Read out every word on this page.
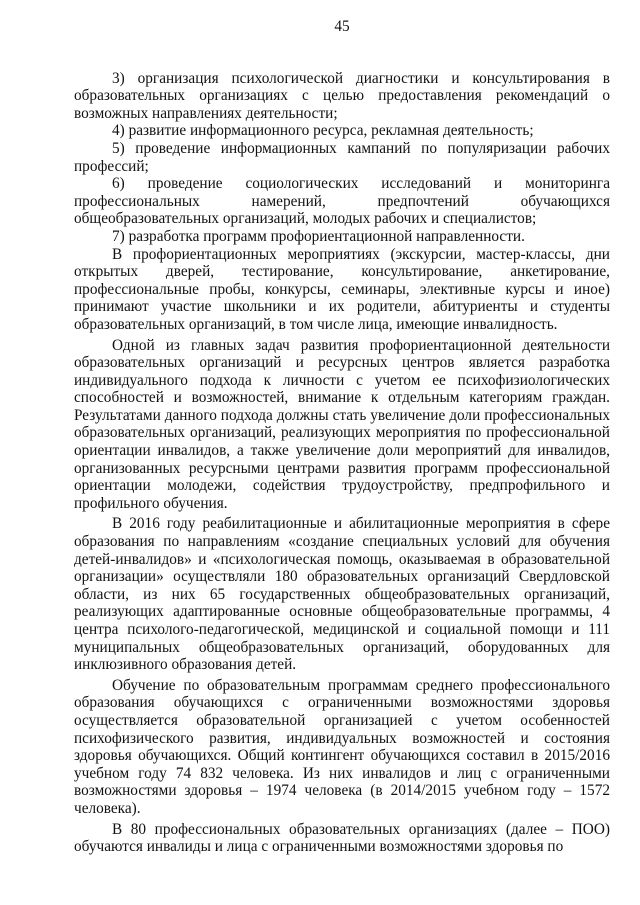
45

3) организация психологической диагностики и консультирования в образовательных организациях с целью предоставления рекомендаций о возможных направлениях деятельности;

4) развитие информационного ресурса, рекламная деятельность;

5) проведение информационных кампаний по популяризации рабочих профессий;

6) проведение социологических исследований и мониторинга профессиональных намерений, предпочтений обучающихся общеобразовательных организаций, молодых рабочих и специалистов;

7) разработка программ профориентационной направленности.

В профориентационных мероприятиях (экскурсии, мастер-классы, дни открытых дверей, тестирование, консультирование, анкетирование, профессиональные пробы, конкурсы, семинары, элективные курсы и иное) принимают участие школьники и их родители, абитуриенты и студенты образовательных организаций, в том числе лица, имеющие инвалидность.

Одной из главных задач развития профориентационной деятельности образовательных организаций и ресурсных центров является разработка индивидуального подхода к личности с учетом ее психофизиологических способностей и возможностей, внимание к отдельным категориям граждан. Результатами данного подхода должны стать увеличение доли профессиональных образовательных организаций, реализующих мероприятия по профессиональной ориентации инвалидов, а также увеличение доли мероприятий для инвалидов, организованных ресурсными центрами развития программ профессиональной ориентации молодежи, содействия трудоустройству, предпрофильного и профильного обучения.

В 2016 году реабилитационные и абилитационные мероприятия в сфере образования по направлениям «создание специальных условий для обучения детей-инвалидов» и «психологическая помощь, оказываемая в образовательной организации» осуществляли 180 образовательных организаций Свердловской области, из них 65 государственных общеобразовательных организаций, реализующих адаптированные основные общеобразовательные программы, 4 центра психолого-педагогической, медицинской и социальной помощи и 111 муниципальных общеобразовательных организаций, оборудованных для инклюзивного образования детей.

Обучение по образовательным программам среднего профессионального образования обучающихся с ограниченными возможностями здоровья осуществляется образовательной организацией с учетом особенностей психофизического развития, индивидуальных возможностей и состояния здоровья обучающихся. Общий контингент обучающихся составил в 2015/2016 учебном году 74 832 человека. Из них инвалидов и лиц с ограниченными возможностями здоровья – 1974 человека (в 2014/2015 учебном году – 1572 человека).

В 80 профессиональных образовательных организациях (далее – ПОО) обучаются инвалиды и лица с ограниченными возможностями здоровья по
